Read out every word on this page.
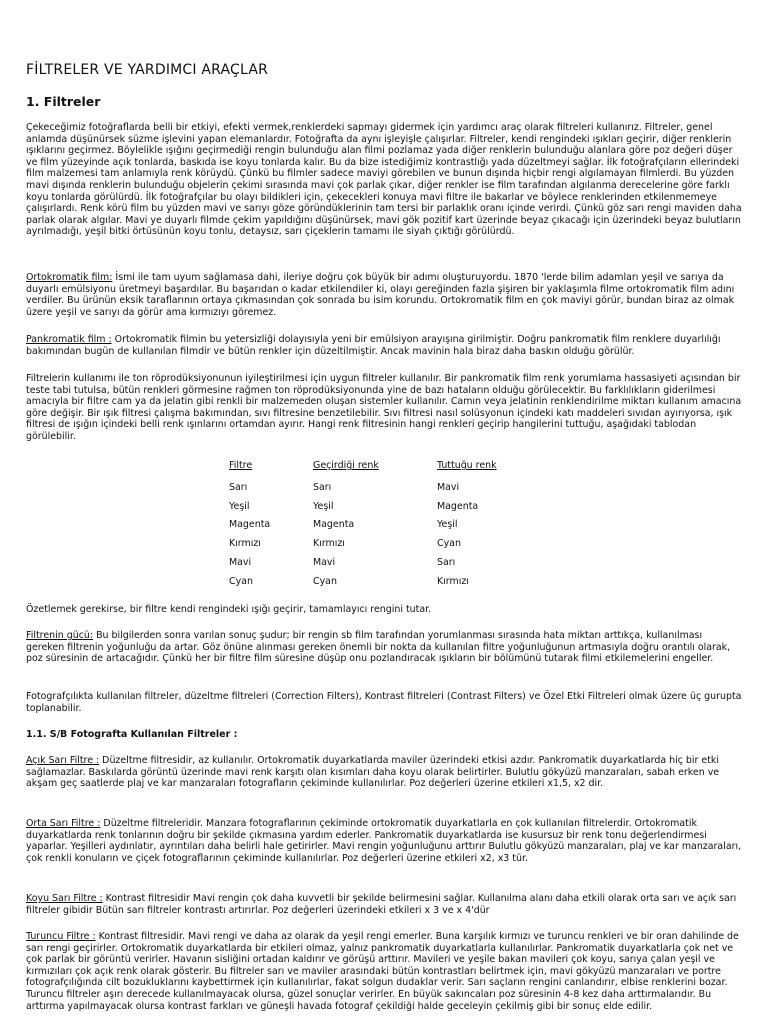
FİLTRELER VE YARDIMCI ARAÇLAR
1. Filtreler

Çekeceğimiz fotoğraflarda belli bir etkiyi, efekti vermek,renklerdeki sapmayı gidermek için yardımcı araç olarak filtreleri kullanırız. Filtreler, genel anlamda düşünürsek süzme işlevini yapan elemanlardır. Fotoğrafta da aynı işleyişle çalışırlar. Filtreler, kendi rengindeki ışıkları geçirir, diğer renklerin ışıklarını geçirmez. Böylelikle ışığını geçirmediği rengin bulunduğu alan filmi pozlamaz yada diğer renklerin bulunduğu alanlara göre poz değeri düşer ve film yüzeyinde açık tonlarda, baskıda ise koyu tonlarda kalır. Bu da bize istediğimiz kontrastlığı yada düzeltmeyi sağlar. İlk fotoğrafçıların ellerindeki film malzemesi tam anlamıyla renk körüydü. Çünkü bu filmler sadece maviyi görebilen ve bunun dışında hiçbir rengi algılamayan filmlerdi. Bu yüzden mavi dışında renklerin bulunduğu objelerin çekimi sırasında mavi çok parlak çıkar, diğer renkler ise film tarafından algılanma derecelerine göre farklı koyu tonlarda görülürdü. İlk fotoğrafçılar bu olayı bildikleri için, çekecekleri konuya mavi filtre ile bakarlar ve böylece renklerinden etkilenmemeye çalışırlardı. Renk körü film bu yüzden mavi ve sarıyı göze göründüklerinin tam tersi bir parlaklık oranı içinde verirdi. Çünkü göz sarı rengi maviden daha parlak olarak algılar. Mavi ye duyarlı filmde çekim yapıldığını düşünürsek, mavi gök pozitif kart üzerinde beyaz çıkacağı için üzerindeki beyaz bulutların ayrılmadığı, yeşil bitki örtüsünün koyu tonlu, detaysız, sarı çiçeklerin tamamı ile siyah çıktığı görülürdü.

Ortokromatik film: İsmi ile tam uyum sağlamasa dahi, ileriye doğru çok büyük bir adımı oluşturuyordu. 1870 'lerde bilim adamları yeşil ve sarıya da duyarlı emülsiyonu üretmeyi başardılar. Bu başarıdan o kadar etkilendiler ki, olayı gereğinden fazla şişiren bir yaklaşımla filme ortokromatik film adını verdiler. Bu ürünün eksik taraflarının ortaya çıkmasından çok sonrada bu isim korundu. Ortokromatik film en çok maviyi görür, bundan biraz az olmak üzere yeşil ve sarıyı da görür ama kırmızıyı göremez.

Pankromatik film : Ortokromatik filmin bu yetersizliği dolayısıyla yeni bir emülsiyon arayışına girilmiştir. Doğru pankromatik film renklere duyarlılığı bakımından bugün de kullanılan filmdir ve bütün renkler için düzeltilmiştir. Ancak mavinin hala biraz daha baskın olduğu görülür.

Filtrelerin kullanımı ile ton röprodüksiyonunun iyileştirilmesi için uygun filtreler kullanılır. Bir pankromatik film renk yorumlama hassasiyeti açısından bir teste tabi tutulsa, bütün renkleri görmesine rağmen ton röprodüksiyonunda yine de bazı hataların olduğu görülecektir. Bu farklılıkların giderilmesi amacıyla bir filtre cam ya da jelatin gibi renkli bir malzemeden oluşan sistemler kullanılır. Camın veya jelatinin renklendirilme miktarı kullanım amacına göre değişir. Bir ışık filtresi çalışma bakımından, sıvı filtresine benzetilebilir. Sıvı filtresi nasıl solüsyonun içindeki katı maddeleri sıvıdan ayırıyorsa, ışık filtresi de ışığın içindeki belli renk ışınlarını ortamdan ayırır. Hangi renk filtresinin hangi renkleri geçirip hangilerini tuttuğu, aşağıdaki tablodan görülebilir.

Filtre	Geçirdiği renk	Tuttuğu renk
Sarı	Sarı	Mavi
Yeşil	Yeşil	Magenta
Magenta	Magenta	Yeşil
Kırmızı	Kırmızı	Cyan
Mavi	Mavi	Sarı
Cyan	Cyan	Kırmızı

Özetlemek gerekirse, bir filtre kendi rengindeki ışığı geçirir, tamamlayıcı rengini tutar.

Filtrenin gücü: Bu bilgilerden sonra varılan sonuç şudur; bir rengin sb film tarafından yorumlanması sırasında hata miktarı arttıkça, kullanılması gereken filtrenin yoğunluğu da artar. Göz önüne alınması gereken önemli bir nokta da kullanılan filtre yoğunluğunun artmasıyla doğru orantılı olarak, poz süresinin de artacağıdır. Çünkü her bir filtre film süresine düşüp onu pozlandıracak ışıkların bir bölümünü tutarak filmi etkilemelerini engeller.

Fotografçılıkta kullanılan filtreler, düzeltme filtreleri (Correction Filters), Kontrast filtreleri (Contrast Filters) ve Özel Etki Filtreleri olmak üzere üç gurupta toplanabilir.

1.1. S/B Fotografta Kullanılan Filtreler :

Açık Sarı Filtre : Düzeltme filtresidir, az kullanılır. Ortokromatik duyarkatlarda maviler üzerindeki etkisi azdır. Pankromatik duyarkatlarda hiç bir etki sağlamazlar. Baskılarda görüntü üzerinde mavi renk karşıtı olan kısımları daha koyu olarak belirtirler. Bulutlu gökyüzü manzaraları, sabah erken ve akşam geç saatlerde plaj ve kar manzaraları fotografların çekiminde kullanılırlar. Poz değerleri üzerine etkileri x1,5, x2 dir.

Orta Sarı Filtre : Düzeltme filtreleridir. Manzara fotograflarının çekiminde ortokromatik duyarkatlarla en çok kullanılan filtrelerdir. Ortokromatik duyarkatlarda renk tonlarının doğru bir şekilde çıkmasına yardım ederler. Pankromatik duyarkatlarda ise kusursuz bir renk tonu değerlendirmesi yaparlar. Yeşilleri aydınlatır, ayrıntıları daha belirli hale getirirler. Mavi rengin yoğunluğunu arttırır Bulutlu gökyüzü manzaraları, plaj ve kar manzaraları, çok renkli konuların ve çiçek fotograflarının çekiminde kullanılırlar. Poz değerleri üzerine etkileri x2, x3 tür.

Koyu Sarı Filtre : Kontrast filtresidir Mavi rengin çok daha kuvvetli bir şekilde belirmesini sağlar. Kullanılma alanı daha etkili olarak orta sarı ve açık sarı filtreler gibidir Bütün sarı filtreler kontrastı artırırlar. Poz değerleri üzerindeki etkileri x 3 ve x 4'dür

Turuncu Filtre : Kontrast filtresidir. Mavi rengi ve daha az olarak da yeşil rengi emerler. Buna karşılık kırmızı ve turuncu renkleri ve bir oran dahilinde de sarı rengi geçirirler. Ortokromatik duyarkatlarda bir etkileri olmaz, yalnız pankromatik duyarkatlarla kullanılırlar. Pankromatik duyarkatlarla çok net ve çok parlak bir görüntü verirler. Havanın sisliğini ortadan kaldırır ve görüşü arttırır. Mavileri ve yeşile bakan mavileri çok koyu, sarıya çalan yeşil ve kırmızıları çok açık renk olarak gösterir. Bu filtreler sarı ve maviler arasındaki bütün kontrastları belirtmek için, mavi gökyüzü manzaraları ve portre fotografçılığında cilt bozukluklarını kaybettirmek için kullanılırlar, fakat solgun dudaklar verir. Sarı saçların rengini canlandırır, elbise renklerini bozar. Turuncu filtreler aşırı derecede kullanılmayacak olursa, güzel sonuçlar verirler. En büyük sakıncaları poz süresinin 4-8 kez daha arttırmalarıdır. Bu arttırma yapılmayacak olursa kontrast farkları ve güneşli havada fotograf çekildiği halde geceleyin çekilmiş gibi bir sonuç elde edilir.
